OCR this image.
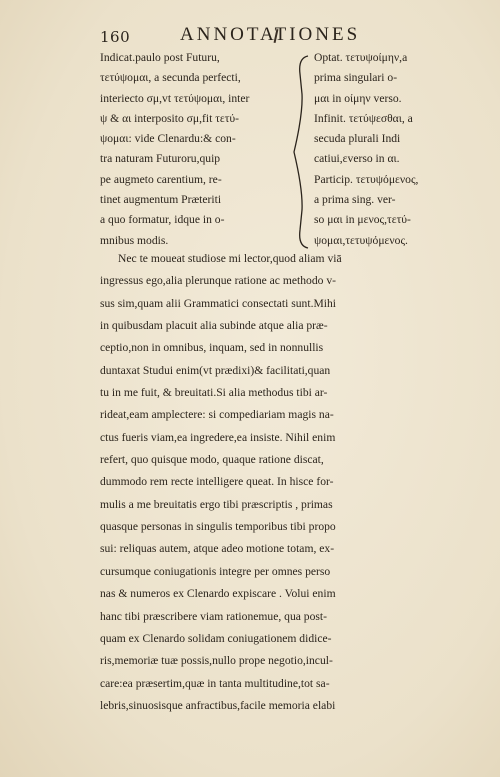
160	ANNOTATIONES
Indicat.paulo post Futuru,
τετύψομαι, a secunda perfecti,
interiecto σμ,vt τετύψομαι, inter
ψ & αι interposito σμ,fit τετύ-
ψομαι: vide Clenardu:& con-
tra naturam Futuroru,quip
pe augmeto carentium, re-
tinet augmentum Præteriti
a quo formatur, idque in o-
mnibus modis.
Optat. τετυψοίμην,a
prima singulari o-
μαι in οίμην verso.
Infinit. τετύψεσθαι, a
secuda plurali Indi
catiui,εverso in αι.
Particip. τετυψόμενος,
a prima sing. ver-
so μαι in μενος,τετύ-
ψομαι,τετυψόμενος.
Nec te moueat studiose mi lector,quod aliam viā
ingressus ego,alia plerunque ratione ac methodo v-
sus sim,quam alii Grammatici consectati sunt.Mihi
in quibusdam placuit alia subinde atque alia præ-
ceptio,non in omnibus, inquam, sed in nonnullis
duntaxat Studui enim(vt prædixi)& facilitati,quan
tu in me fuit, & breuitati.Si alia methodus tibi ar-
rideat,eam amplectere: si compediariam magis na-
ctus fueris viam,ea ingredere,ea insiste. Nihil enim
refert, quo quisque modo, quaque ratione discat,
dummodo rem recte intelligere queat. In hisce for-
mulis a me breuitatis ergo tibi præscriptis , primas
quasque personas in singulis temporibus tibi propo
sui: reliquas autem, atque adeo motione totam, ex-
cursumque coniugationis integre per omnes perso
nas & numeros ex Clenardo expiscare . Volui enim
hanc tibi præscribere viam rationemue, qua post-
quam ex Clenardo solidam coniugationem didice-
ris,memoriæ tuæ possis,nullo prope negotio,incul-
care:ea præsertim,quæ in tanta multitudine,tot sa-
lebris,sinuosisque anfractibus,facile memoria elabi
